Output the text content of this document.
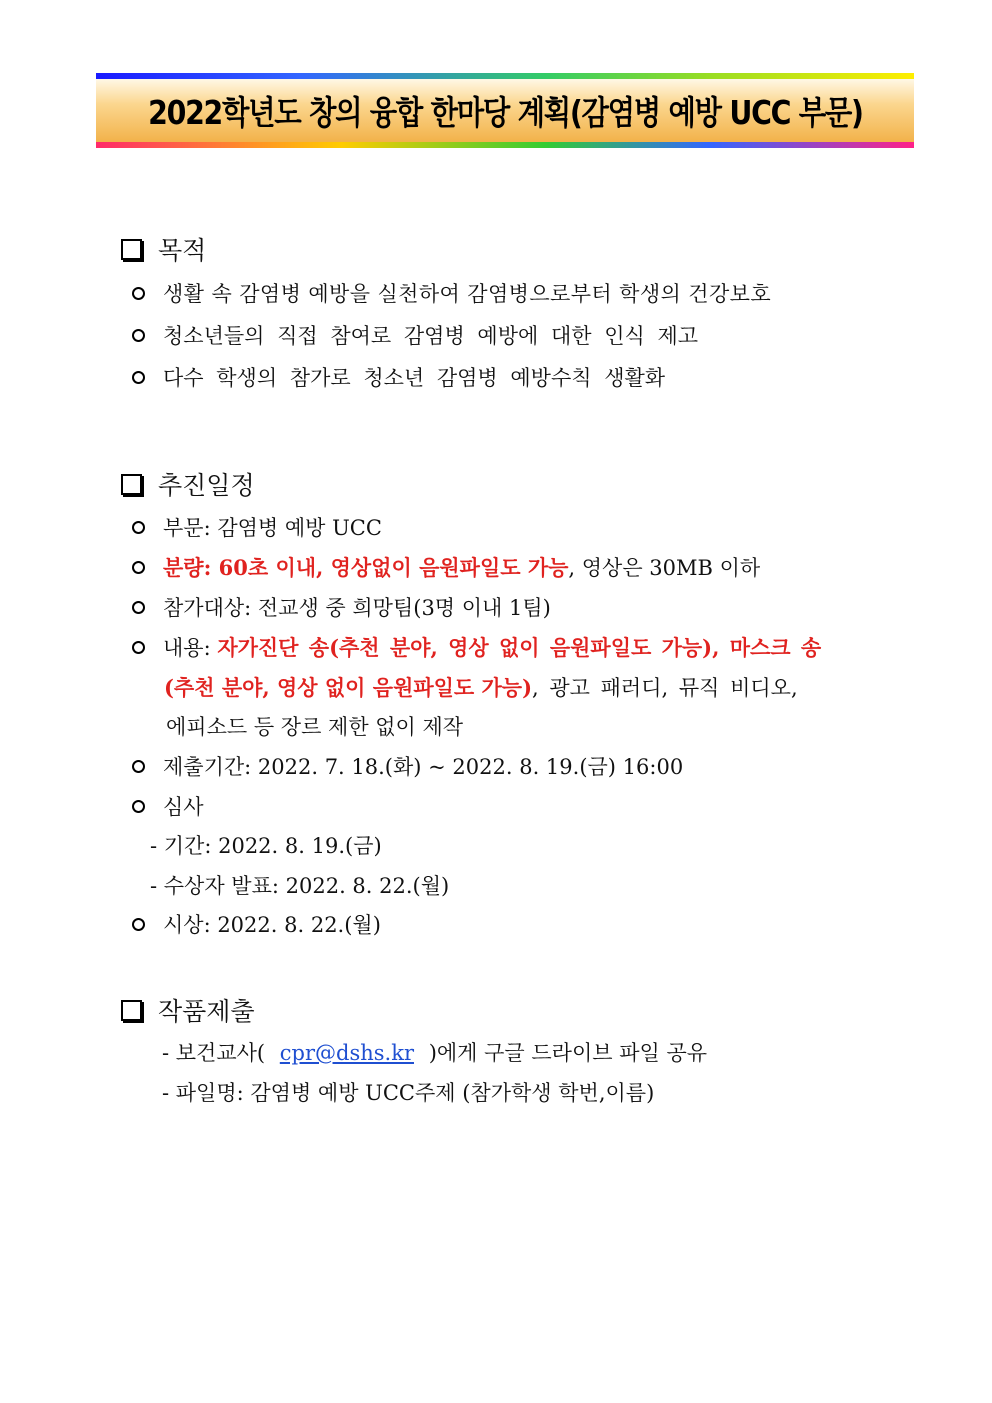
2022학년도 창의 융합 한마당 계획(감염병 예방 UCC 부문)
목적
생활 속 감염병 예방을 실천하여 감염병으로부터 학생의 건강보호
청소년들의 직접 참여로 감염병 예방에 대한 인식 제고
다수 학생의 참가로 청소년 감염병 예방수칙 생활화
추진일정
부문: 감염병 예방 UCC
분량: 60초 이내, 영상없이 음원파일도 가능 , 영상은 30MB 이하
참가대상: 전교생 중 희망팀(3명 이내 1팀)
내용: 자가진단 송(추천 분야, 영상 없이 음원파일도 가능), 마스크 송
(추천 분야, 영상 없이 음원파일도 가능), 광고 패러디, 뮤직 비디오,
에피소드 등 장르 제한 없이 제작
제출기간: 2022. 7. 18.(화) ~ 2022. 8. 19.(금) 16:00
심사
- 기간: 2022. 8. 19.(금)
- 수상자 발표: 2022. 8. 22.(월)
시상: 2022. 8. 22.(월)
작품제출
- 보건교사( cpr@dshs.kr )에게 구글 드라이브 파일 공유
- 파일명: 감염병 예방 UCC주제 (참가학생 학번,이름)
